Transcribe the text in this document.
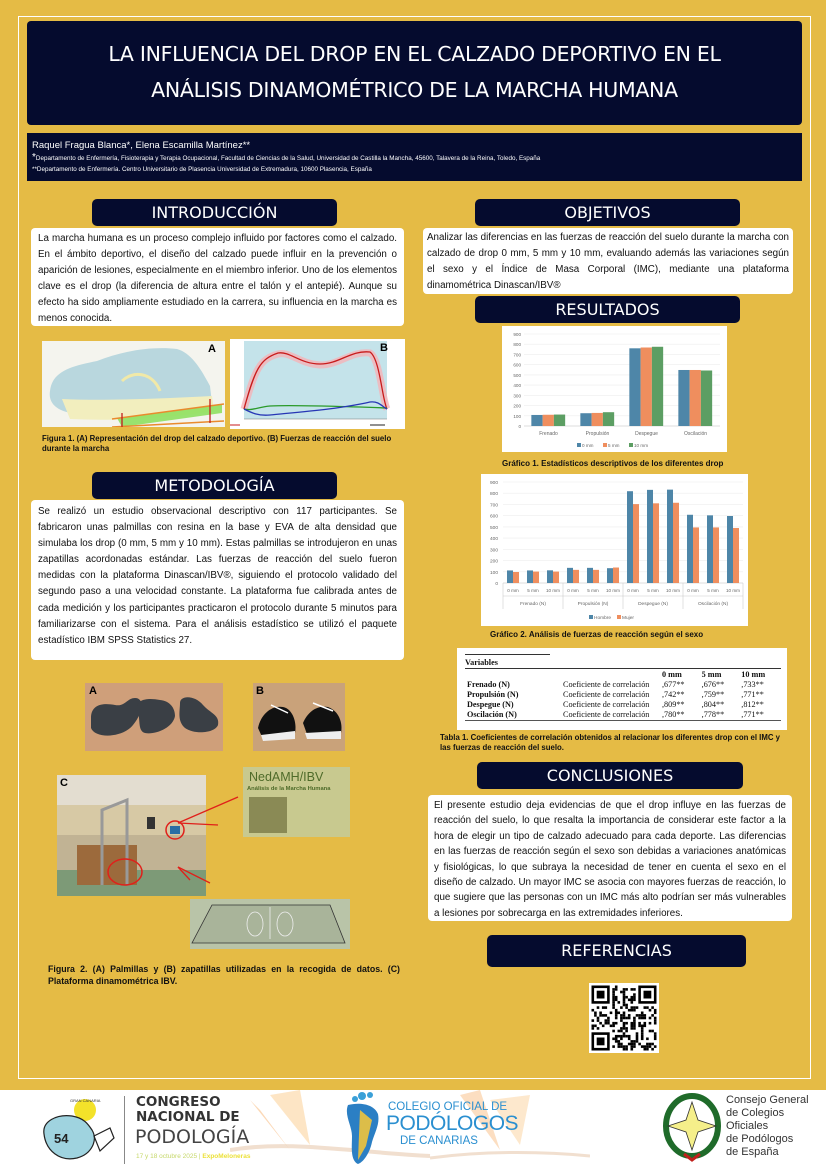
LA INFLUENCIA DEL DROP EN EL CALZADO DEPORTIVO EN EL
ANÁLISIS DINAMOMÉTRICO DE LA MARCHA HUMANA
Raquel Fragua Blanca*, Elena Escamilla Martínez**
*Departamento de Enfermería, Fisioterapia y Terapia Ocupacional, Facultad de Ciencias de la Salud, Universidad de Castilla la Mancha, 45600, Talavera de la Reina, Toledo, España
**Departamento de Enfermería. Centro Universitario de Plasencia Universidad de Extremadura, 10600 Plasencia, España
INTRODUCCIÓN
La marcha humana es un proceso complejo influido por factores como el calzado. En el ámbito deportivo, el diseño del calzado puede influir en la prevención o aparición de lesiones, especialmente en el miembro inferior. Uno de los elementos clave es el drop (la diferencia de altura entre el talón y el antepié). Aunque su efecto ha sido ampliamente estudiado en la carrera, su influencia en la marcha es menos conocida.
A	B
Figura 1. (A) Representación del drop del calzado deportivo. (B) Fuerzas de reacción del suelo durante la marcha
METODOLOGÍA
Se realizó un estudio observacional descriptivo con 117 participantes. Se fabricaron unas palmillas con resina en la base y EVA de alta densidad que simulaba los drop (0 mm, 5 mm y 10 mm). Estas palmillas se introdujeron en unas zapatillas acordonadas estándar. Las fuerzas de reacción del suelo fueron medidas con la plataforma Dinascan/IBV®, siguiendo el protocolo validado del segundo paso a una velocidad constante. La plataforma fue calibrada antes de cada medición y los participantes practicaron el protocolo durante 5 minutos para familiarizarse con el sistema. Para el análisis estadístico se utilizó el paquete estadístico IBM SPSS Statistics 27.
A	B
C	NedAMH/IBV
Análisis de la Marcha Humana
Figura 2. (A) Palmillas y (B) zapatillas utilizadas en la recogida de datos. (C) Plataforma dinamométrica IBV.
OBJETIVOS
Analizar las diferencias en las fuerzas de reacción del suelo durante la marcha con calzado de drop 0 mm, 5 mm y 10 mm, evaluando además las variaciones según el sexo y el Índice de Masa Corporal (IMC), mediante una plataforma dinamométrica Dinascan/IBV®
RESULTADOS
0
100
200
300
400
500
600
700
800
900
Frenado	Propulsión	Despegue	Oscilación
0 mm	5 mm	10 mm
Gráfico 1. Estadísticos descriptivos de los diferentes drop
0
100
200
300
400
500
600
700
800
900
0 mm 5 mm 10 mm 0 mm 5 mm 10 mm 0 mm 5 mm 10 mm 0 mm 5 mm 10 mm
Frenado (N)	Propulsión (N)	Despegue (N)	Oscilación (N)
Hombre Mujer
Gráfico 2. Análisis de fuerzas de reacción según el sexo
Variables
		0 mm	5 mm	10 mm
Frenado (N)	Coeficiente de correlación	,677**	,676**	,733**
Propulsión (N)	Coeficiente de correlación	,742**	,759**	,771**
Despegue (N)	Coeficiente de correlación	,809**	,804**	,812**
Oscilación (N)	Coeficiente de correlación	,780**	,778**	,771**
Tabla 1. Coeficientes de correlación obtenidos al relacionar los diferentes drop con el IMC y las fuerzas de reacción del suelo.
CONCLUSIONES
El presente estudio deja evidencias de que el drop influye en las fuerzas de reacción del suelo, lo que resalta la importancia de considerar este factor a la hora de elegir un tipo de calzado adecuado para cada deporte. Las diferencias en las fuerzas de reacción según el sexo son debidas a variaciones anatómicas y fisiológicas, lo que subraya la necesidad de tener en cuenta el sexo en el diseño de calzado. Un mayor IMC se asocia con mayores fuerzas de reacción, lo que sugiere que las personas con un IMC más alto podrían ser más vulnerables a lesiones por sobrecarga en las extremidades inferiores.
REFERENCIAS
54
GRAN CANARIA	CONGRESO
NACIONAL DE
PODOLOGÍA
17 y 18 octubre 2025 | ExpoMeloneras
COLEGIO OFICIAL DE
PODÓLOGOS
DE CANARIAS
Consejo General
de Colegios
Oficiales
de Podólogos
de España
